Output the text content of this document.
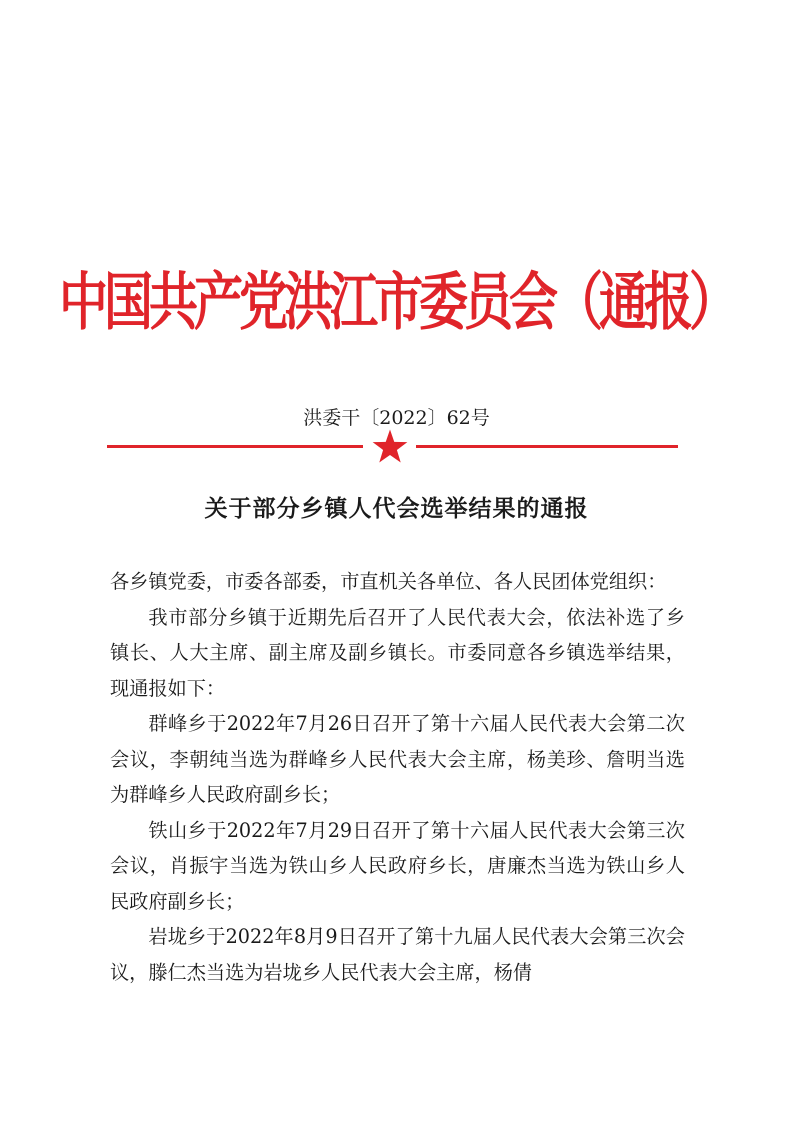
中国共产党洪江市委员会（通报）
洪委干〔2022〕62号
关于部分乡镇人代会选举结果的通报

各乡镇党委，市委各部委，市直机关各单位、各人民团体党组织：

我市部分乡镇于近期先后召开了人民代表大会，依法补选了乡镇长、人大主席、副主席及副乡镇长。市委同意各乡镇选举结果，现通报如下：

群峰乡于2022年7月26日召开了第十六届人民代表大会第二次会议，李朝纯当选为群峰乡人民代表大会主席，杨美珍、詹明当选为群峰乡人民政府副乡长；

铁山乡于2022年7月29日召开了第十六届人民代表大会第三次会议，肖振宇当选为铁山乡人民政府乡长，唐廉杰当选为铁山乡人民政府副乡长；

岩垅乡于2022年8月9日召开了第十九届人民代表大会第三次会议，滕仁杰当选为岩垅乡人民代表大会主席，杨倩
